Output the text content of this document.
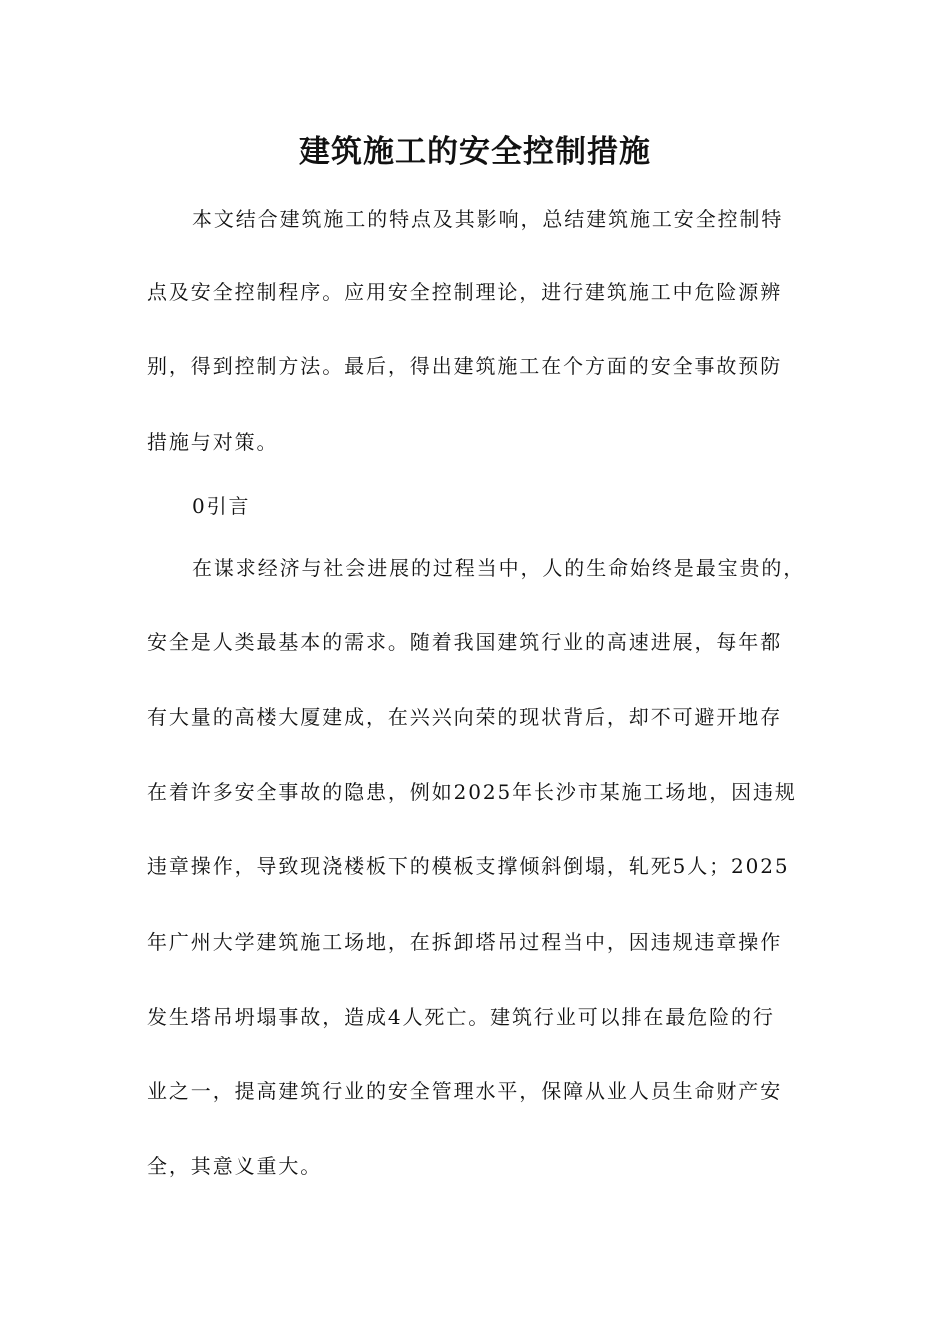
建筑施工的安全控制措施
本文结合建筑施工的特点及其影响，总结建筑施工安全控制特
点及安全控制程序。应用安全控制理论，进行建筑施工中危险源辨
别，得到控制方法。最后，得出建筑施工在个方面的安全事故预防
措施与对策。
0引言
在谋求经济与社会进展的过程当中，人的生命始终是最宝贵的，
安全是人类最基本的需求。随着我国建筑行业的高速进展，每年都
有大量的高楼大厦建成，在兴兴向荣的现状背后，却不可避开地存
在着许多安全事故的隐患，例如2025年长沙市某施工场地，因违规
违章操作，导致现浇楼板下的模板支撑倾斜倒塌，轧死5人；2025
年广州大学建筑施工场地，在拆卸塔吊过程当中，因违规违章操作
发生塔吊坍塌事故，造成4人死亡。建筑行业可以排在最危险的行
业之一，提高建筑行业的安全管理水平，保障从业人员生命财产安
全，其意义重大。
